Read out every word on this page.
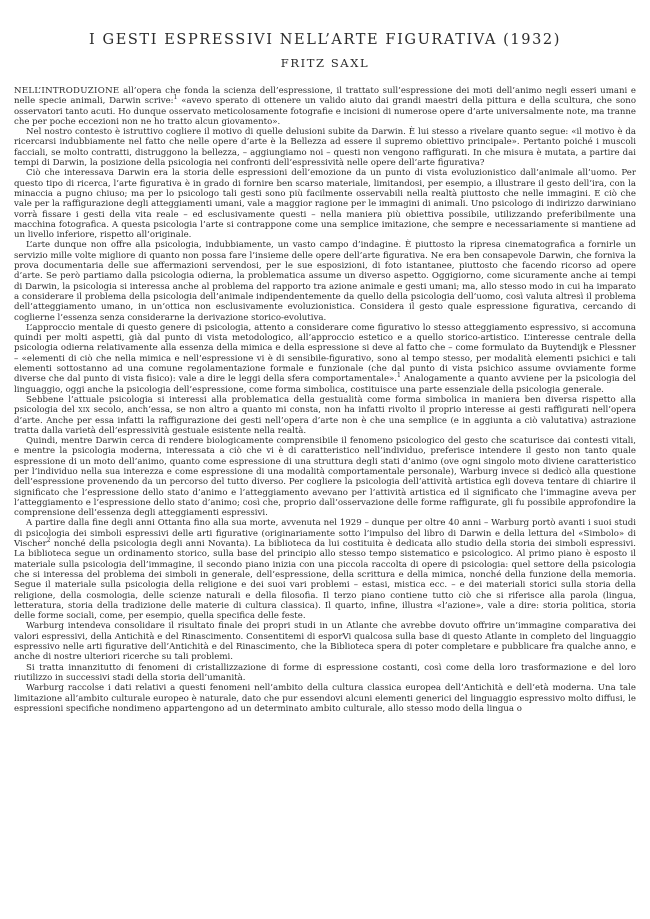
I GESTI ESPRESSIVI NELL’ARTE FIGURATIVA (1932)
FRITZ SAXL

NELL’INTRODUZIONE all’opera che fonda la scienza dell’espressione, il trattato sull’espressione dei moti dell’animo negli esseri umani e nelle specie animali, Darwin scrive:$^1$ «avevo sperato di ottenere un valido aiuto dai grandi maestri della pittura e della scultura, che sono osservatori tanto acuti. Ho dunque osservato meticolosamente fotografie e incisioni di numerose opere d’arte universalmente note, ma tranne che per poche eccezioni non ne ho tratto alcun giovamento».

Nel nostro contesto è istruttivo cogliere il motivo di quelle delusioni subite da Darwin. È lui stesso a rivelare quanto segue: «il motivo è da ricercarsi indubbiamente nel fatto che nelle opere d’arte è la Bellezza ad essere il supremo obiettivo principale». Pertanto poiché i muscoli facciali, se molto contratti, distruggono la bellezza, – aggiungiamo noi – questi non vengono raffigurati. In che misura è mutata, a partire dai tempi di Darwin, la posizione della psicologia nei confronti dell’espressività nelle opere dell’arte figurativa?

Ciò che interessava Darwin era la storia delle espressioni dell’emozione da un punto di vista evoluzionistico dall’animale all’uomo. Per questo tipo di ricerca, l’arte figurativa è in grado di fornire ben scarso materiale, limitandosi, per esempio, a illustrare il gesto dell’ira, con la minaccia a pugno chiuso; ma per lo psicologo tali gesti sono più facilmente osservabili nella realtà piuttosto che nelle immagini. E ciò che vale per la raffigurazione degli atteggiamenti umani, vale a maggior ragione per le immagini di animali. Uno psicologo di indirizzo darwiniano vorrà fissare i gesti della vita reale – ed esclusivamente questi – nella maniera più obiettiva possibile, utilizzando preferibilmente una macchina fotografica. A questa psicologia l’arte si contrappone come una semplice imitazione, che sempre e necessariamente si mantiene ad un livello inferiore, rispetto all’originale.

L’arte dunque non offre alla psicologia, indubbiamente, un vasto campo d’indagine. È piuttosto la ripresa cinematografica a fornirle un servizio mille volte migliore di quanto non possa fare l’insieme delle opere dell’arte figurativa. Ne era ben consapevole Darwin, che forniva la prova documentaria delle sue affermazioni servendosi, per le sue esposizioni, di foto istantanee, piuttosto che facendo ricorso ad opere d’arte. Se però partiamo dalla psicologia odierna, la problematica assume un diverso aspetto. Oggigiorno, come sicuramente anche ai tempi di Darwin, la psicologia si interessa anche al problema del rapporto tra azione animale e gesti umani; ma, allo stesso modo in cui ha imparato a considerare il problema della psicologia dell’animale indipendentemente da quello della psicologia dell’uomo, così valuta altresì il problema dell’atteggiamento umano, in un’ottica non esclusivamente evoluzionistica. Considera il gesto quale espressione figurativa, cercando di coglierne l’essenza senza considerarne la derivazione storico-evolutiva.

L’approccio mentale di questo genere di psicologia, attento a considerare come figurativo lo stesso atteggiamento espressivo, si accomuna quindi per molti aspetti, già dal punto di vista metodologico, all’approccio estetico e a quello storico-artistico. L’interesse centrale della psicologia odierna relativamente alla essenza della mimica e della espressione si deve al fatto che – come formulato da Buytendijk e Plessner – «elementi di ciò che nella mimica e nell’espressione vi è di sensibile-figurativo, sono al tempo stesso, per modalità elementi psichici e tali elementi sottostanno ad una comune regolamentazione formale e funzionale (che dal punto di vista psichico assume ovviamente forme diverse che dal punto di vista fisico): vale a dire le leggi della sfera comportamentale».$^1$ Analogamente a quanto avviene per la psicologia del linguaggio, oggi anche la psicologia dell’espressione, come forma simbolica, costituisce una parte essenziale della psicologia generale.

Sebbene l’attuale psicologia si interessi alla problematica della gestualità come forma simbolica in maniera ben diversa rispetto alla psicologia del xix secolo, anch’essa, se non altro a quanto mi consta, non ha infatti rivolto il proprio interesse ai gesti raffigurati nell’opera d’arte. Anche per essa infatti la raffigurazione dei gesti nell’opera d’arte non è che una semplice (e in aggiunta a ciò valutativa) astrazione tratta dalla varietà dell’espressività gestuale esistente nella realtà.

Quindi, mentre Darwin cerca di rendere biologicamente comprensibile il fenomeno psicologico del gesto che scaturisce dai contesti vitali, e mentre la psicologia moderna, interessata a ciò che vi è di caratteristico nell’individuo, preferisce intendere il gesto non tanto quale espressione di un moto dell’animo, quanto come espressione di una struttura degli stati d’animo (ove ogni singolo moto diviene caratteristico per l’individuo nella sua interezza e come espressione di una modalità comportamentale personale), Warburg invece si dedicò alla questione dell’espressione provenendo da un percorso del tutto diverso. Per cogliere la psicologia dell’attività artistica egli doveva tentare di chiarire il significato che l’espressione dello stato d’animo e l’atteggiamento avevano per l’attività artistica ed il significato che l’immagine aveva per l’atteggiamento e l’espressione dello stato d’animo; così che, proprio dall’osservazione delle forme raffigurate, gli fu possibile approfondire la comprensione dell’essenza degli atteggiamenti espressivi.

A partire dalla fine degli anni Ottanta fino alla sua morte, avvenuta nel 1929 – dunque per oltre 40 anni – Warburg portò avanti i suoi studi di psicologia dei simboli espressivi delle arti figurative (originariamente sotto l’impulso del libro di Darwin e della lettura del «Simbolo» di Vischer$^2$ nonché della psicologia degli anni Novanta). La biblioteca da lui costituita è dedicata allo studio della storia dei simboli espressivi. La biblioteca segue un ordinamento storico, sulla base del principio allo stesso tempo sistematico e psicologico. Al primo piano è esposto il materiale sulla psicologia dell’immagine, il secondo piano inizia con una piccola raccolta di opere di psicologia: quel settore della psicologia che si interessa del problema dei simboli in generale, dell’espressione, della scrittura e della mimica, nonché della funzione della memoria. Segue il materiale sulla psicologia della religione e dei suoi vari problemi – estasi, mistica ecc. – e dei materiali storici sulla storia della religione, della cosmologia, delle scienze naturali e della filosofia. Il terzo piano contiene tutto ciò che si riferisce alla parola (lingua, letteratura, storia della tradizione delle materie di cultura classica). Il quarto, infine, illustra «l’azione», vale a dire: storia politica, storia delle forme sociali, come, per esempio, quella specifica delle feste.

Warburg intendeva consolidare il risultato finale dei propri studi in un Atlante che avrebbe dovuto offrire un’immagine comparativa dei valori espressivi, della Antichità e del Rinascimento. Consentitemi di esporVi qualcosa sulla base di questo Atlante in completo del linguaggio espressivo nelle arti figurative dell’Antichità e del Rinascimento, che la Biblioteca spera di poter completare e pubblicare fra qualche anno, e anche di nostre ulteriori ricerche su tali problemi.

Si tratta innanzitutto di fenomeni di cristallizzazione di forme di espressione costanti, così come della loro trasformazione e del loro riutilizzo in successivi stadi della storia dell’umanità.

Warburg raccolse i dati relativi a questi fenomeni nell’ambito della cultura classica europea dell’Antichità e dell’età moderna. Una tale limitazione all’ambito culturale europeo è naturale, dato che pur essendovi alcuni elementi generici del linguaggio espressivo molto diffusi, le espressioni specifiche nondimeno appartengono ad un determinato ambito culturale, allo stesso modo della lingua o
